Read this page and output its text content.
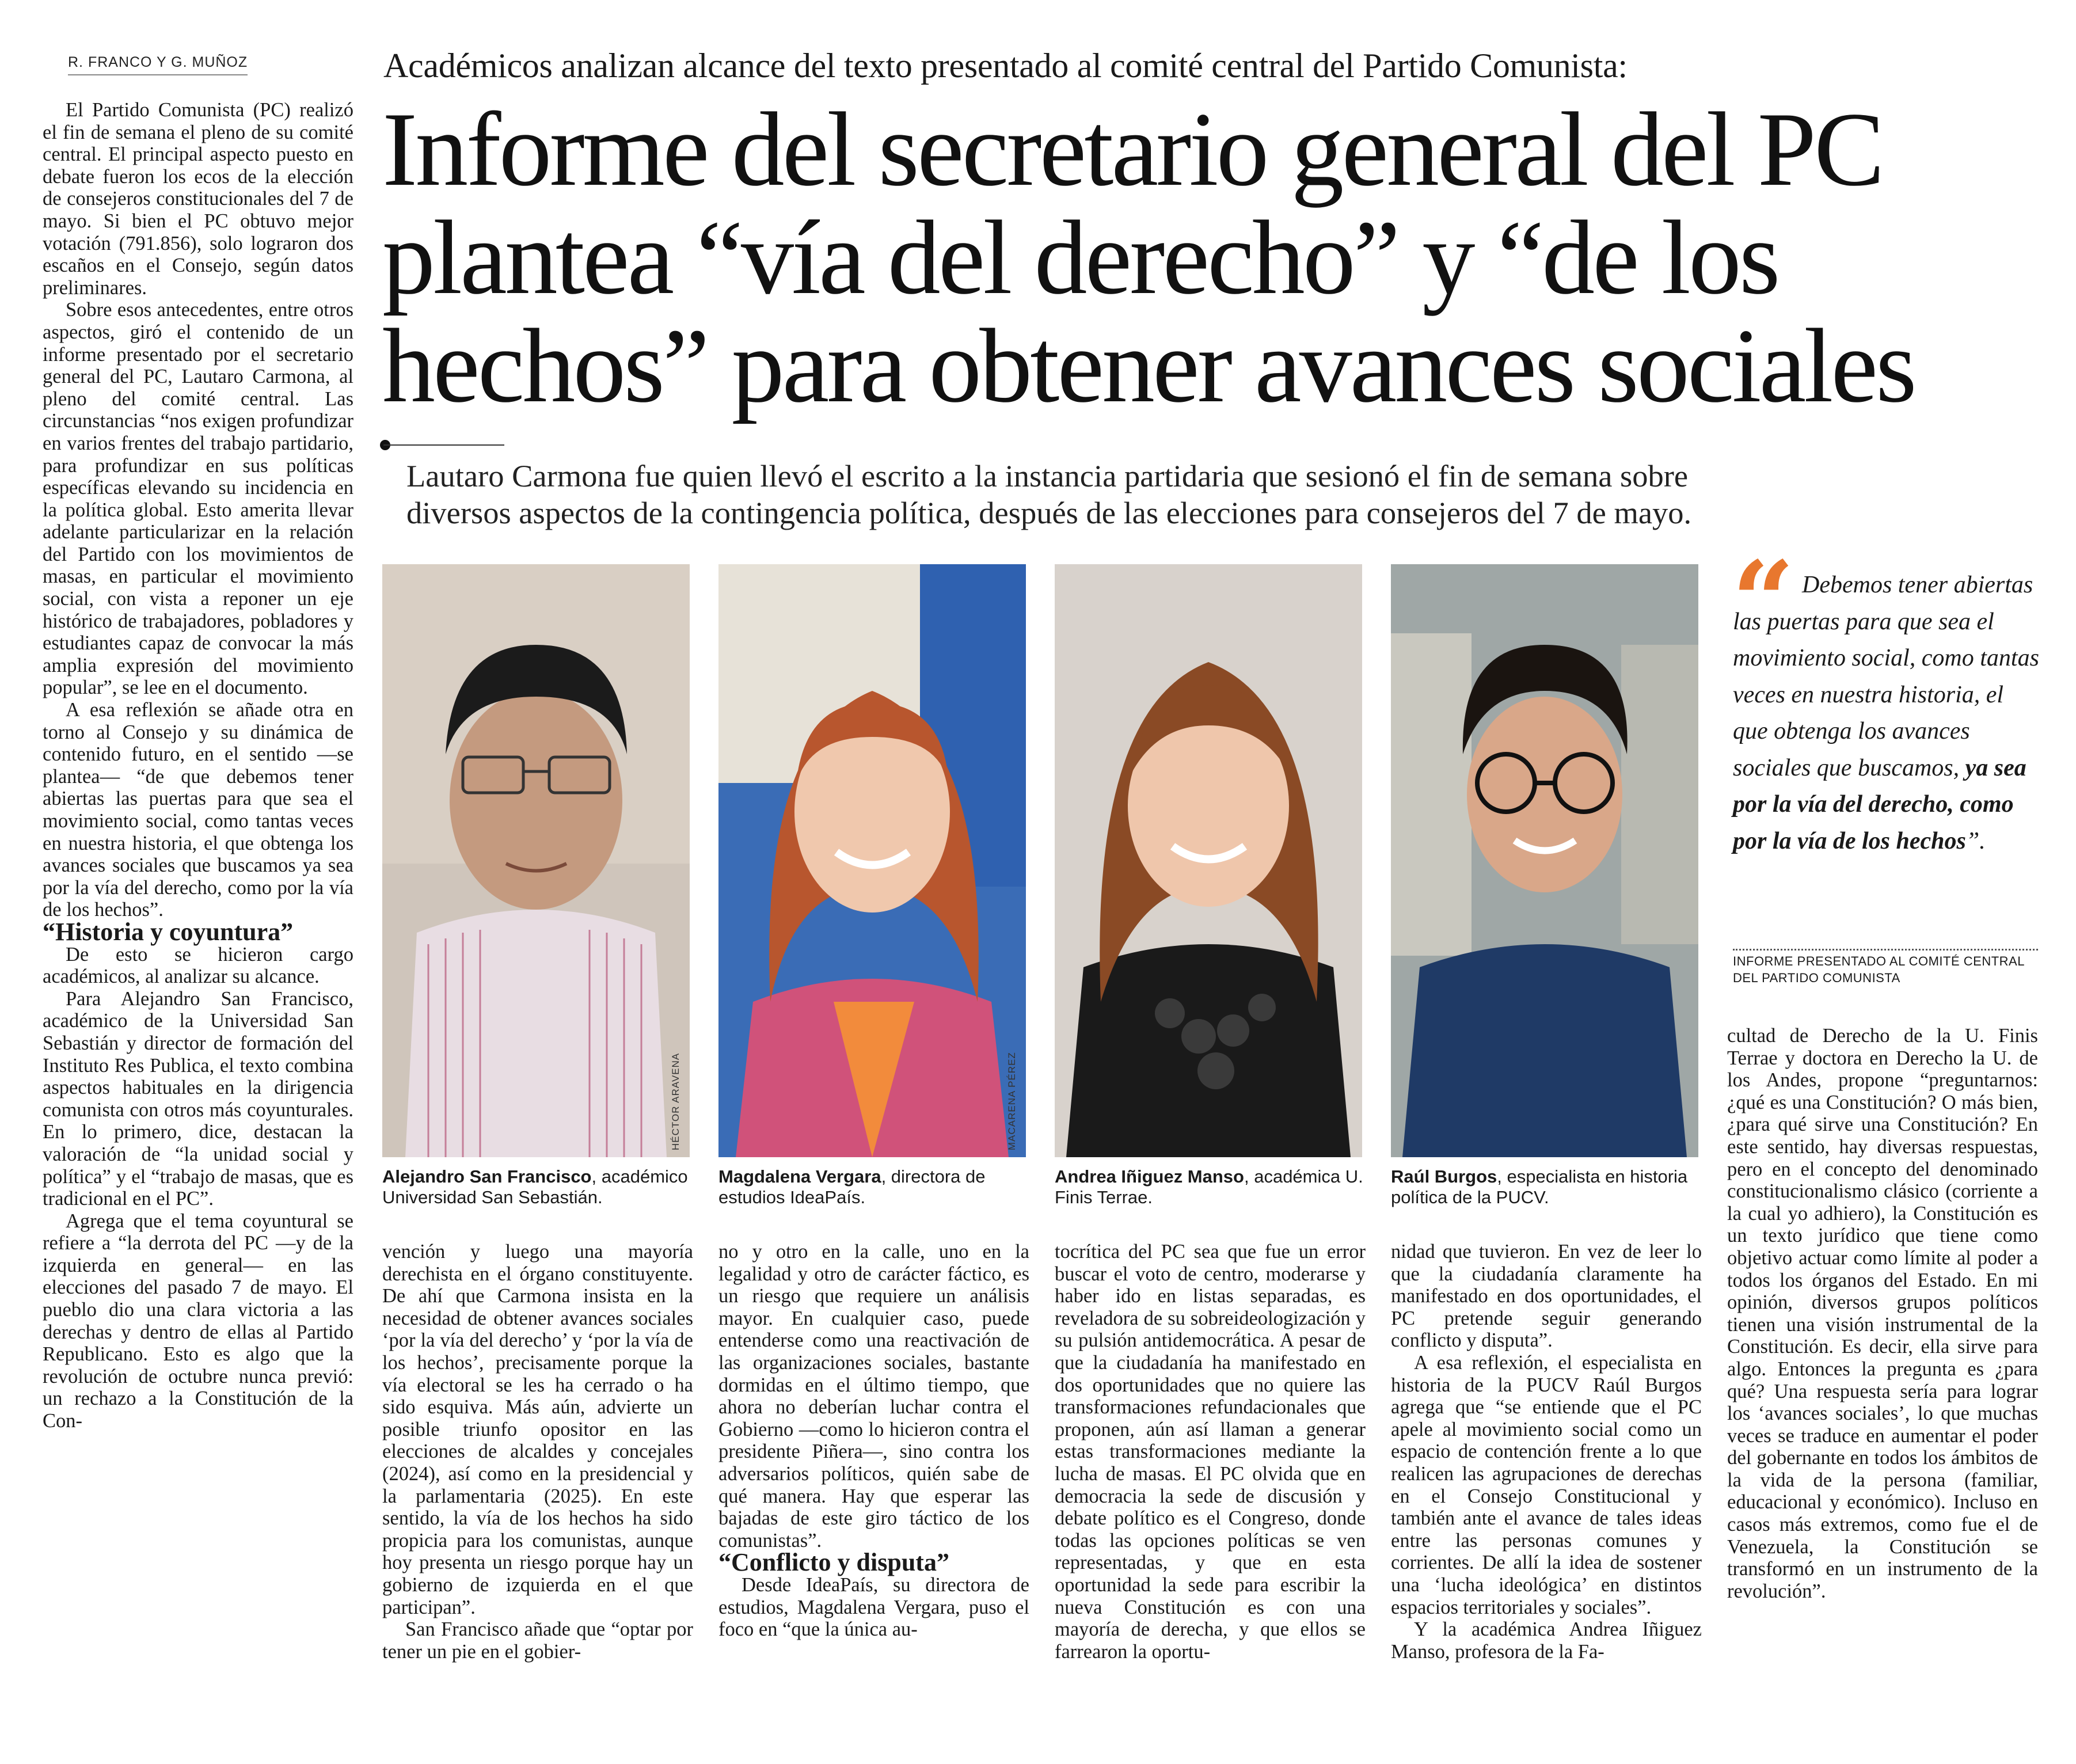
R. FRANCO Y G. MUÑOZ	Académicos analizan alcance del texto presentado al comité central del Partido Comunista:
Informe del secretario general del PC
plantea “vía del derecho” y “de los
hechos” para obtener avances sociales
Lautaro Carmona fue quien llevó el escrito a la instancia partidaria que sesionó el fin de semana sobre
diversos aspectos de la contingencia política, después de las elecciones para consejeros del 7 de mayo.

El Partido Comunista (PC) realizó el fin de semana el pleno de su comité central. El principal aspecto puesto en debate fueron los ecos de la elección de consejeros constitucionales del 7 de mayo. Si bien el PC obtuvo mejor votación (791.856), solo lograron dos escaños en el Consejo, según datos preliminares.

Sobre esos antecedentes, entre otros aspectos, giró el contenido de un informe presentado por el secretario general del PC, Lautaro Carmona, al pleno del comité central. Las circunstancias “nos exigen profundizar en varios frentes del trabajo partidario, para profundizar en sus políticas específicas elevando su incidencia en la política global. Esto amerita llevar adelante particularizar en la relación del Partido con los movimientos de masas, en particular el movimiento social, con vista a reponer un eje histórico de trabajadores, pobladores y estudiantes capaz de convocar la más amplia expresión del movimiento popular”, se lee en el documento.

A esa reflexión se añade otra en torno al Consejo y su dinámica de contenido futuro, en el sentido —se plantea— “de que debemos tener abiertas las puertas para que sea el movimiento social, como tantas veces en nuestra historia, el que obtenga los avances sociales que buscamos ya sea por la vía del derecho, como por la vía de los hechos”.

“Historia y coyuntura”

De esto se hicieron cargo académicos, al analizar su alcance.

Para Alejandro San Francisco, académico de la Universidad San Sebastián y director de formación del Instituto Res Publica, el texto combina aspectos habituales en la dirigencia comunista con otros más coyunturales. En lo primero, dice, destacan la valoración de “la unidad social y política” y el “trabajo de masas, que es tradicional en el PC”.

Agrega que el tema coyuntural se refiere a “la derrota del PC —y de la izquierda en general— en las elecciones del pasado 7 de mayo. El pueblo dio una clara victoria a las derechas y dentro de ellas al Partido Republicano. Esto es algo que la revolución de octubre nunca previó: un rechazo a la Constitución de la Con-

HÉCTOR ARAVENA	MACARENA PÉREZ
Alejandro San Francisco, académico Universidad San Sebastián.
Magdalena Vergara, directora de estudios IdeaPaís.
Andrea Iñiguez Manso, académica U. Finis Terrae.
Raúl Burgos, especialista en historia política de la PUCV.
“ Debemos tener abiertas las puertas para que sea el movimiento social, como tantas veces en nuestra historia, el que obtenga los avances sociales que buscamos, ya sea por la vía del derecho, como por la vía de los hechos”.
INFORME PRESENTADO AL COMITÉ CENTRAL DEL PARTIDO COMUNISTA

vención y luego una mayoría derechista en el órgano constituyente. De ahí que Carmona insista en la necesidad de obtener avances sociales ‘por la vía del derecho’ y ‘por la vía de los hechos’, precisamente porque la vía electoral se les ha cerrado o ha sido esquiva. Más aún, advierte un posible triunfo opositor en las elecciones de alcaldes y concejales (2024), así como en la presidencial y la parlamentaria (2025). En este sentido, la vía de los hechos ha sido propicia para los comunistas, aunque hoy presenta un riesgo porque hay un gobierno de izquierda en el que participan”.

San Francisco añade que “optar por tener un pie en el gobier-

no y otro en la calle, uno en la legalidad y otro de carácter fáctico, es un riesgo que requiere un análisis mayor. En cualquier caso, puede entenderse como una reactivación de las organizaciones sociales, bastante dormidas en el último tiempo, que ahora no deberían luchar contra el Gobierno —como lo hicieron contra el presidente Piñera—, sino contra los adversarios políticos, quién sabe de qué manera. Hay que esperar las bajadas de este giro táctico de los comunistas”.

“Conflicto y disputa”

Desde IdeaPaís, su directora de estudios, Magdalena Vergara, puso el foco en “que la única au-

tocrítica del PC sea que fue un error buscar el voto de centro, moderarse y haber ido en listas separadas, es reveladora de su sobreideologización y su pulsión antidemocrática. A pesar de que la ciudadanía ha manifestado en dos oportunidades que no quiere las transformaciones refundacionales que proponen, aún así llaman a generar estas transformaciones mediante la lucha de masas. El PC olvida que en democracia la sede de discusión y debate político es el Congreso, donde todas las opciones políticas se ven representadas, y que en esta oportunidad la sede para escribir la nueva Constitución es con una mayoría de derecha, y que ellos se farrearon la oportu-

nidad que tuvieron. En vez de leer lo que la ciudadanía claramente ha manifestado en dos oportunidades, el PC pretende seguir generando conflicto y disputa”.

A esa reflexión, el especialista en historia de la PUCV Raúl Burgos agrega que “se entiende que el PC apele al movimiento social como un espacio de contención frente a lo que realicen las agrupaciones de derechas en el Consejo Constitucional y también ante el avance de tales ideas entre las personas comunes y corrientes. De allí la idea de sostener una ‘lucha ideológica’ en distintos espacios territoriales y sociales”.

Y la académica Andrea Iñiguez Manso, profesora de la Fa-

cultad de Derecho de la U. Finis Terrae y doctora en Derecho la U. de los Andes, propone “preguntarnos: ¿qué es una Constitución? O más bien, ¿para qué sirve una Constitución? En este sentido, hay diversas respuestas, pero en el concepto del denominado constitucionalismo clásico (corriente a la cual yo adhiero), la Constitución es un texto jurídico que tiene como objetivo actuar como límite al poder a todos los órganos del Estado. En mi opinión, diversos grupos políticos tienen una visión instrumental de la Constitución. Es decir, ella sirve para algo. Entonces la pregunta es ¿para qué? Una respuesta sería para lograr los ‘avances sociales’, lo que muchas veces se traduce en aumentar el poder del gobernante en todos los ámbitos de la vida de la persona (familiar, educacional y económico). Incluso en casos más extremos, como fue el de Venezuela, la Constitución se transformó en un instrumento de la revolución”.
